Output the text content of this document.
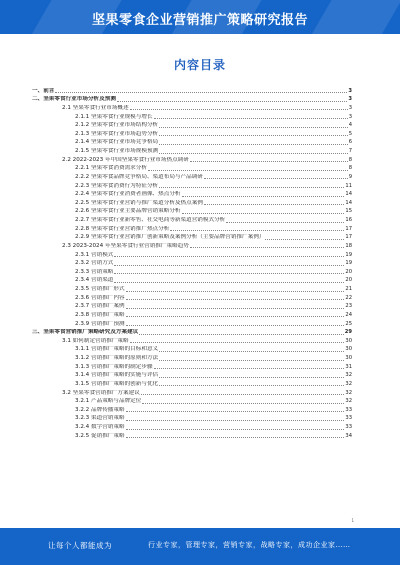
坚果零食企业营销推广策略研究报告
内容目录
一、前言	3
二、坚果零食行业市场分析及预测	3
2.1 坚果零食行业市场概述	3
2.1.1 坚果零食行业规模与增长	3
2.1.2 坚果零食行业市场结构分析	4
2.1.3 坚果零食行业市场趋势分析	5
2.1.4 坚果零食行业市场竞争格局	6
2.1.5 坚果零食行业市场规模预测	7
2.2 2022-2023 年中国坚果零食行业市场热点调研	8
2.2.1 坚果零食消费需求分析	8
2.2.2 坚果零食品牌竞争格局、渠道布局与产品调研	9
2.2.3 坚果零食消费行为特征分析	11
2.2.4 坚果零食行业消费者画像、热点分析	14
2.2.5 坚果零食行业营销与推广渠道分析及热点案例	14
2.2.6 坚果零食行业主要品牌营销策略分析	15
2.2.7 坚果零食行业新零售、社交电商等新渠道营销模式分析	16
2.2.8 坚果零食行业营销推广热点分析	17
2.2.9 坚果零食行业营销推广创新策略及案例分析（主要品牌营销推广案例）	17
2.3 2023-2024 年坚果零食行业营销推广策略趋势	18
2.3.1 营销模式	19
2.3.2 营销方式	19
2.3.3 营销策略	20
2.3.4 营销渠道	20
2.3.5 营销推广形式	21
2.3.6 营销推广内容	22
2.3.7 营销推广案例	23
2.3.8 营销推广策略	24
2.3.9 营销推广预测	25
三、坚果零食营销推广策略研究及方案建议	29
3.1 如何制定营销推广策略	30
3.1.1 营销推广策略的目标和意义	30
3.1.2 营销推广策略的原则和方法	30
3.1.3 营销推广策略的制定步骤	31
3.1.4 营销推广策略的实施与评估	32
3.1.5 营销推广策略的创新与优化	32
3.2 坚果零食营销推广方案建议	32
3.2.1 产品策略与品牌定位	32
3.2.2 品牌传播策略	33
3.2.3 渠道营销策略	33
3.2.4 数字营销策略	33
3.2.5 促销推广策略	34
1
让每个人都能成为	行业专家，管理专家，营销专家，战略专家，成功企业家……
